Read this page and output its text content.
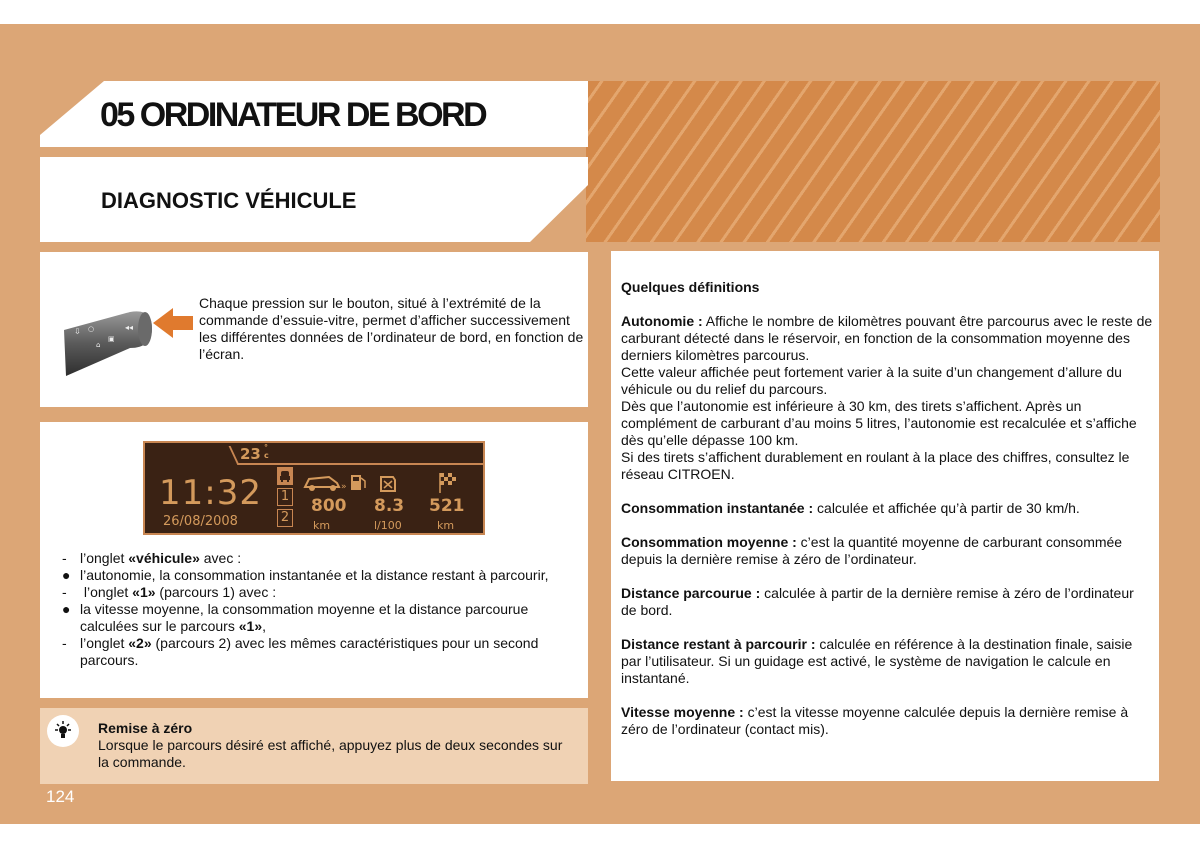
05 ORDINATEUR DE BORD
DIAGNOSTIC VÉHICULE
⇩ ○
⌂
▣
◂◂
Chaque pression sur le bouton, situé à l’extrémité de la commande d’essuie-vitre, permet d’afficher successivement les différentes données de l’ordinateur de bord, en fonction de l’écran.
23 °
c
11:32
26/08/2008
1
2
»
800 8.3 521
km	l/100	km
- l’onglet «véhicule» avec :
● l’autonomie, la consommation instantanée et la distance restant à parcourir,
- l’onglet «1» (parcours 1) avec :
● la vitesse moyenne, la consommation moyenne et la distance parcourue calculées sur le parcours «1»,
- l’onglet «2» (parcours 2) avec les mêmes caractéristiques pour un second parcours.
Remise à zéro
Lorsque le parcours désiré est affiché, appuyez plus de deux secondes sur la commande.
124

Quelques définitions

Autonomie : Affiche le nombre de kilomètres pouvant être parcourus avec le reste de carburant détecté dans le réservoir, en fonction de la consommation moyenne des derniers kilomètres parcourus.
Cette valeur affichée peut fortement varier à la suite d’un changement d’allure du véhicule ou du relief du parcours.
Dès que l’autonomie est inférieure à 30 km, des tirets s’affichent. Après un complément de carburant d’au moins 5 litres, l’autonomie est recalculée et s’affiche dès qu’elle dépasse 100 km.
Si des tirets s’affichent durablement en roulant à la place des chiffres, consultez le réseau CITROEN.

Consommation instantanée : calculée et affichée qu’à partir de 30 km/h.

Consommation moyenne : c’est la quantité moyenne de carburant consommée depuis la dernière remise à zéro de l’ordinateur.

Distance parcourue : calculée à partir de la dernière remise à zéro de l’ordinateur de bord.

Distance restant à parcourir : calculée en référence à la destination finale, saisie par l’utilisateur. Si un guidage est activé, le système de navigation le calcule en instantané.

Vitesse moyenne : c’est la vitesse moyenne calculée depuis la dernière remise à zéro de l’ordinateur (contact mis).
